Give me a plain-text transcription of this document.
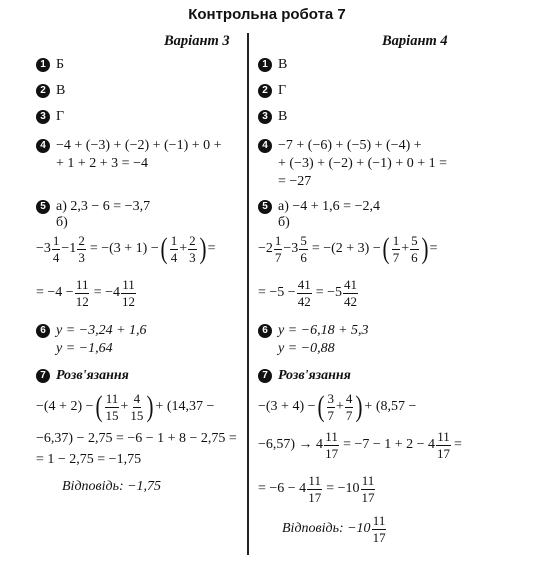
Контрольна робота 7
Варіант 3
1 Б
2 В
3 Г
4 −4 + (−3) + (−2) + (−1) + 0 +
+ 1 + 2 + 3 = −4
5 а) 2,3 − 6 = −3,7
б)
−3
1
4
$-1 \frac{2}{3} = -(3 + 1)$ − ( 1
4
+ $\frac{2}{3}$ ) =
= $-4 - \frac{11}{12} = -4$
11
12
6 y = −3,24 + 1,6
y = −1,64
7 Розв'язання
−(4 + 2) − ( 11
15
+ $\frac{4}{15}$ ) + (14,37 −
−6,37) − 2,75 = −6 − 1 + 8 − 2,75 =
= 1 − 2,75 = −1,75
Відповідь: −1,75
Варіант 4
1 В
2 Г
3 В
4 −7 + (−6) + (−5) + (−4) +
+ (−3) + (−2) + (−1) + 0 + 1 =
= −27
5 а) −4 + 1,6 = −2,4
б)
−2
1
7
$-3 \frac{5}{6} = -(2 + 3)$ − ( 1
7
+ $\frac{5}{6}$ ) =
= $-5 - \frac{41}{42} = -5$
41
42
6 y = −6,18 + 5,3
y = −0,88
7 Розв'язання
−(3 + 4) − ( 3
7
+ $\frac{4}{7}$ ) + (8,57 −
$-6,57) \to 4 \frac{11}{17} = -7 - 1 + 2 - 4 \frac{11}{17}$ =
= $-6 - 4 \frac{11}{17} = -10$
11
17
Відповідь: −10
11
17
